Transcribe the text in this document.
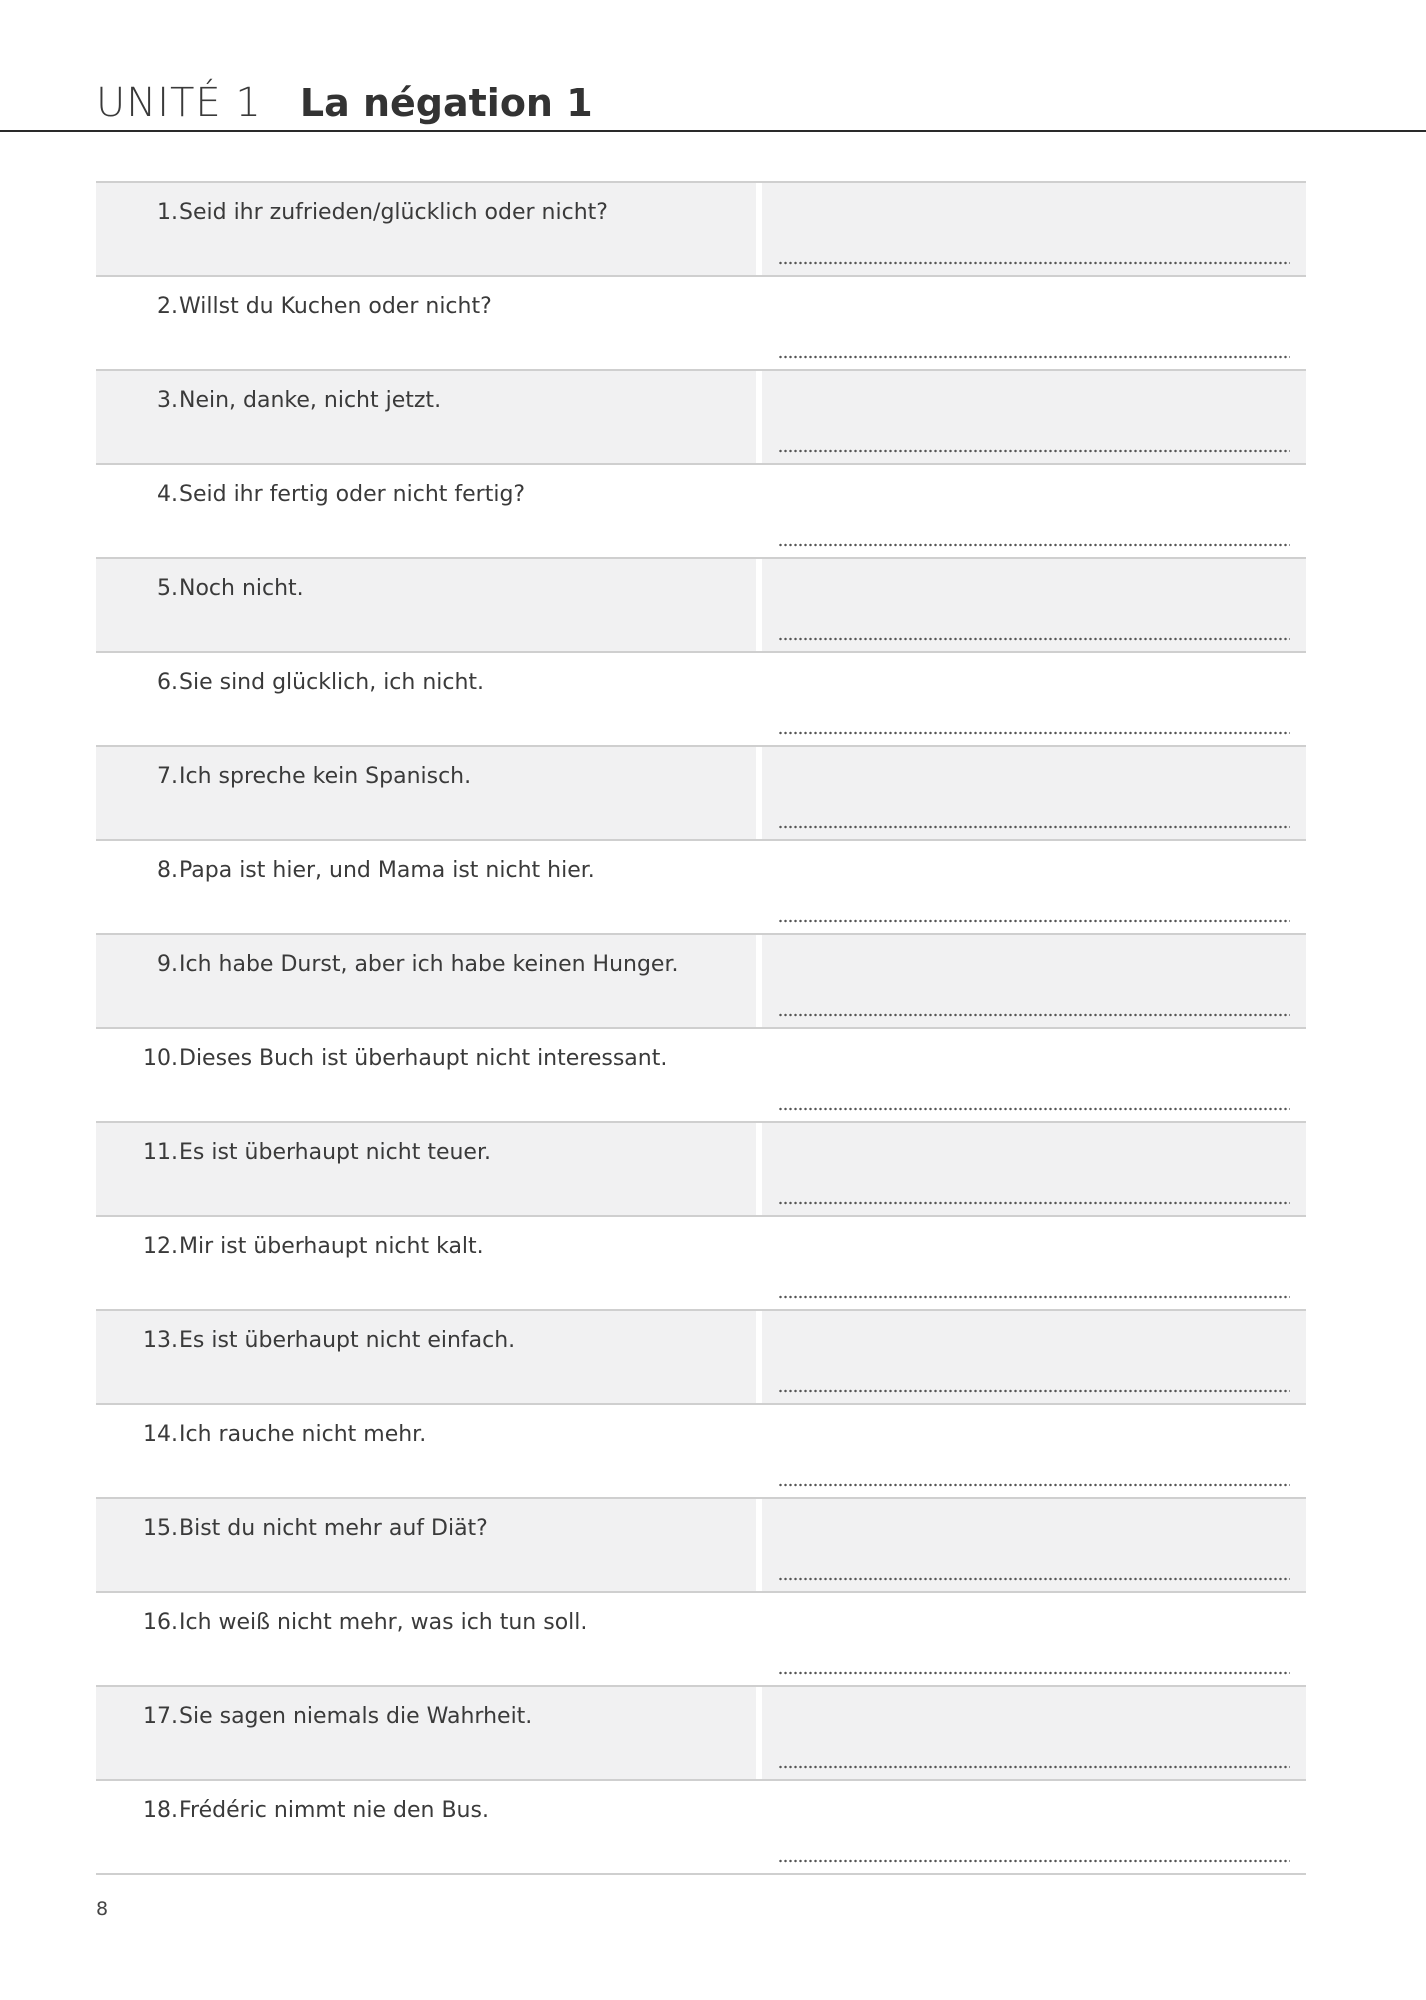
UNITÉ 1 La négation 1
1. Seid ihr zufrieden/glücklich oder nicht?
2. Willst du Kuchen oder nicht?
3. Nein, danke, nicht jetzt.
4. Seid ihr fertig oder nicht fertig?
5. Noch nicht.
6. Sie sind glücklich, ich nicht.
7. Ich spreche kein Spanisch.
8. Papa ist hier, und Mama ist nicht hier.
9. Ich habe Durst, aber ich habe keinen Hunger.
10. Dieses Buch ist überhaupt nicht interessant.
11. Es ist überhaupt nicht teuer.
12. Mir ist überhaupt nicht kalt.
13. Es ist überhaupt nicht einfach.
14. Ich rauche nicht mehr.
15. Bist du nicht mehr auf Diät?
16. Ich weiß nicht mehr, was ich tun soll.
17. Sie sagen niemals die Wahrheit.
18. Frédéric nimmt nie den Bus.
8
